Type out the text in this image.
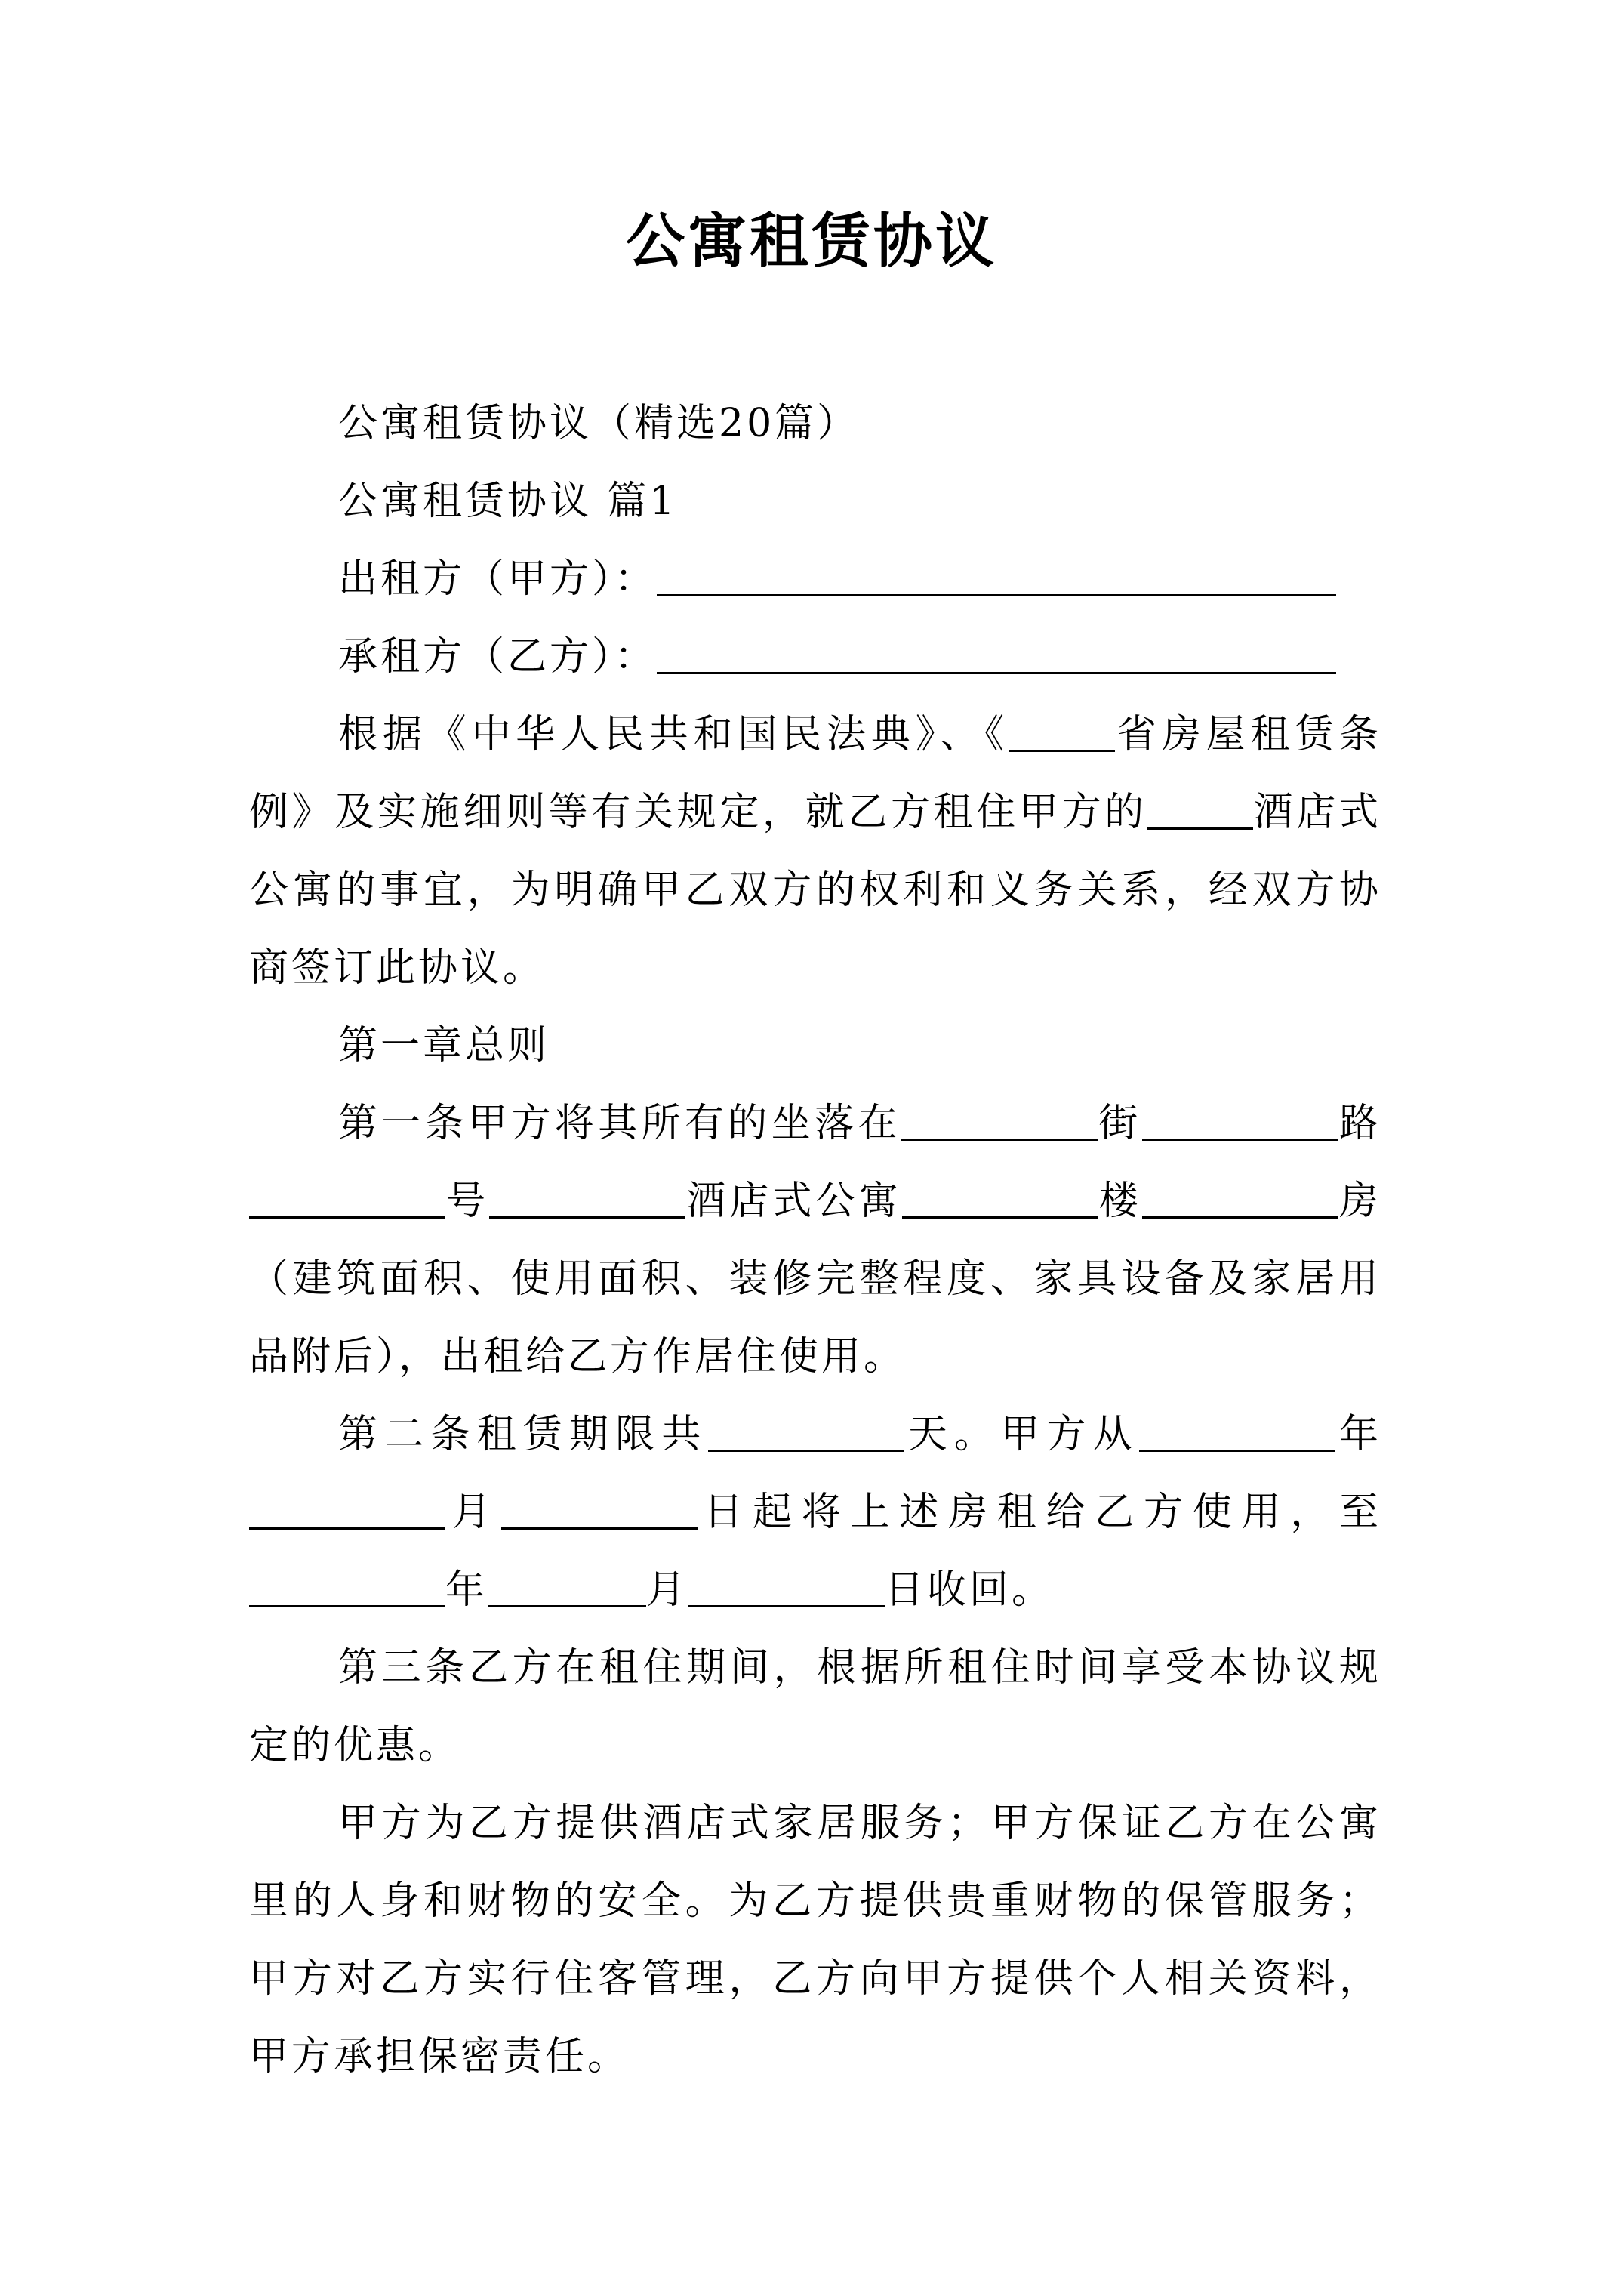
公寓租赁协议

公寓租赁协议（精选20篇）

公寓租赁协议 篇1

出租方（甲方）：

承租方（乙方）：

根据《中华人民共和国民法典》、《	省房屋租赁条例》及实施细则等有关规定，就乙方租住甲方的	酒店式公寓的事宜，为明确甲乙双方的权利和义务关系，经双方协商签订此协议。

第一章总则

第一条甲方将其所有的坐落在	街	路号	酒店式公寓	楼	房（建筑面积、使用面积、装修完整程度、家具设备及家居用品附后），出租给乙方作居住使用。

第二条租赁期限共	天。甲方从	年月	日起将上述房租给乙方使用，至年	月	日收回。

第三条乙方在租住期间，根据所租住时间享受本协议规定的优惠。

甲方为乙方提供酒店式家居服务；甲方保证乙方在公寓里的人身和财物的安全。为乙方提供贵重财物的保管服务；甲方对乙方实行住客管理，乙方向甲方提供个人相关资料，甲方承担保密责任。
